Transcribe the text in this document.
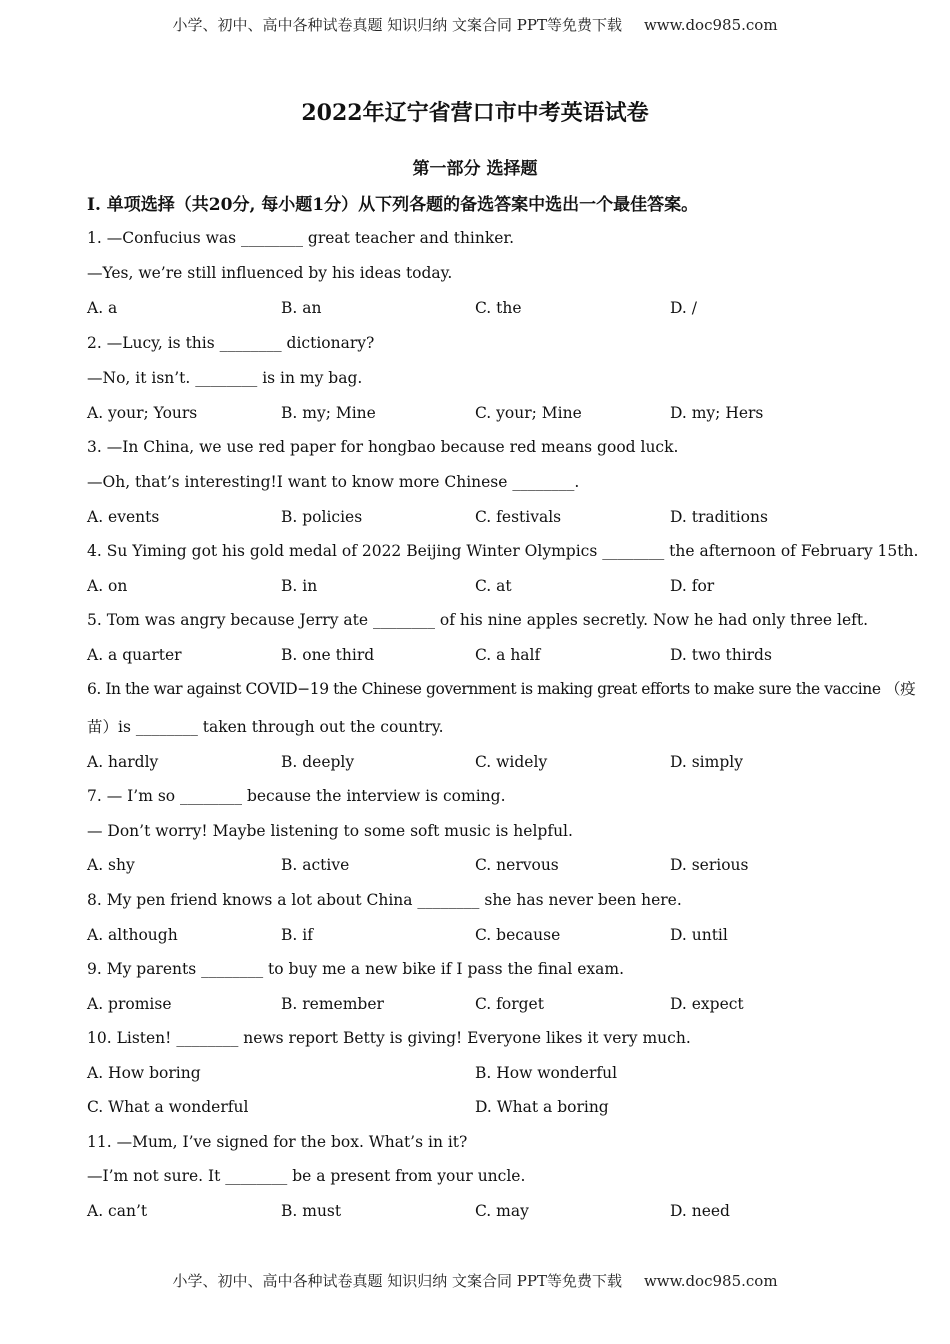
小学、初中、高中各种试卷真题 知识归纳 文案合同 PPT等免费下载 www.doc985.com
2022年辽宁省营口市中考英语试卷
第一部分 选择题
I. 单项选择（共20分, 每小题1分）从下列各题的备选答案中选出一个最佳答案。
1. —Confucius was ________ great teacher and thinker.
—Yes, we’re still influenced by his ideas today.
A. a	B. an	C. the	D. /
2. —Lucy, is this ________ dictionary?
—No, it isn’t. ________ is in my bag.
A. your; Yours	B. my; Mine	C. your; Mine	D. my; Hers
3. —In China, we use red paper for hongbao because red means good luck.
—Oh, that’s interesting!I want to know more Chinese ________.
A. events	B. policies	C. festivals	D. traditions
4. Su Yiming got his gold medal of 2022 Beijing Winter Olympics ________ the afternoon of February 15th.
A. on	B. in	C. at	D. for
5. Tom was angry because Jerry ate ________ of his nine apples secretly. Now he had only three left.
A. a quarter	B. one third	C. a half	D. two thirds
6. In the war against COVID−19 the Chinese government is making great efforts to make sure the vaccine （疫
苗）is ________ taken through out the country.
A. hardly	B. deeply	C. widely	D. simply
7. — I’m so ________ because the interview is coming.
— Don’t worry! Maybe listening to some soft music is helpful.
A. shy	B. active	C. nervous	D. serious
8. My pen friend knows a lot about China ________ she has never been here.
A. although	B. if	C. because	D. until
9. My parents ________ to buy me a new bike if I pass the final exam.
A. promise	B. remember	C. forget	D. expect
10. Listen! ________ news report Betty is giving! Everyone likes it very much.
A. How boring	B. How wonderful
C. What a wonderful	D. What a boring
11. —Mum, I’ve signed for the box. What’s in it?
—I’m not sure. It ________ be a present from your uncle.
A. can’t	B. must	C. may	D. need
小学、初中、高中各种试卷真题 知识归纳 文案合同 PPT等免费下载 www.doc985.com
